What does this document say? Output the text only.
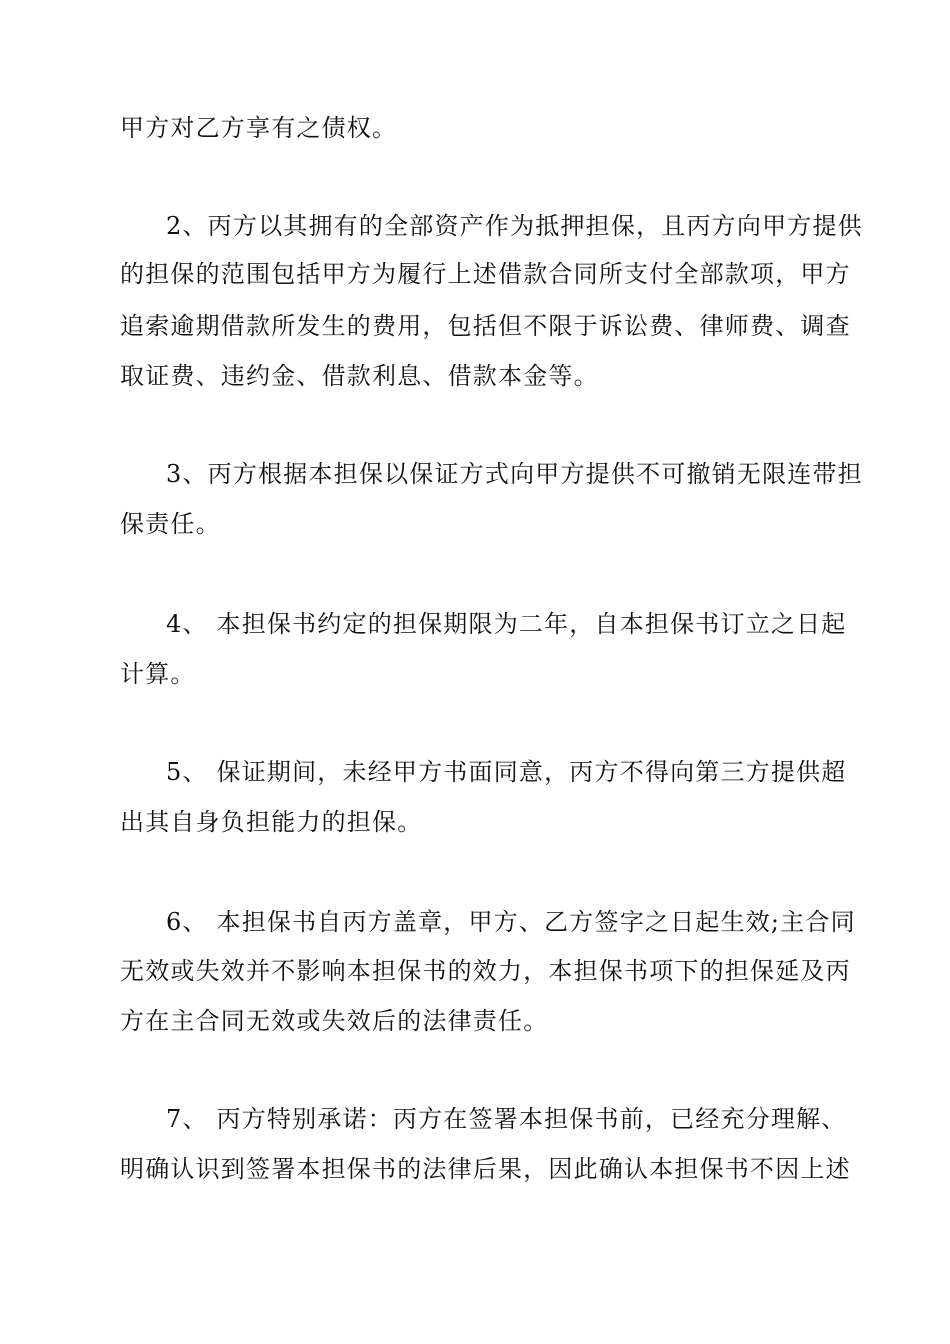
甲方对乙方享有之债权。
2、丙方以其拥有的全部资产作为抵押担保，且丙方向甲方提供
的担保的范围包括甲方为履行上述借款合同所支付全部款项，甲方
追索逾期借款所发生的费用，包括但不限于诉讼费、律师费、调查
取证费、违约金、借款利息、借款本金等。
3、丙方根据本担保以保证方式向甲方提供不可撤销无限连带担
保责任。
4、 本担保书约定的担保期限为二年，自本担保书订立之日起
计算。
5、 保证期间，未经甲方书面同意，丙方不得向第三方提供超
出其自身负担能力的担保。
6、 本担保书自丙方盖章，甲方、乙方签字之日起生效;主合同
无效或失效并不影响本担保书的效力，本担保书项下的担保延及丙
方在主合同无效或失效后的法律责任。
7、 丙方特别承诺：丙方在签署本担保书前，已经充分理解、
明确认识到签署本担保书的法律后果，因此确认本担保书不因上述
